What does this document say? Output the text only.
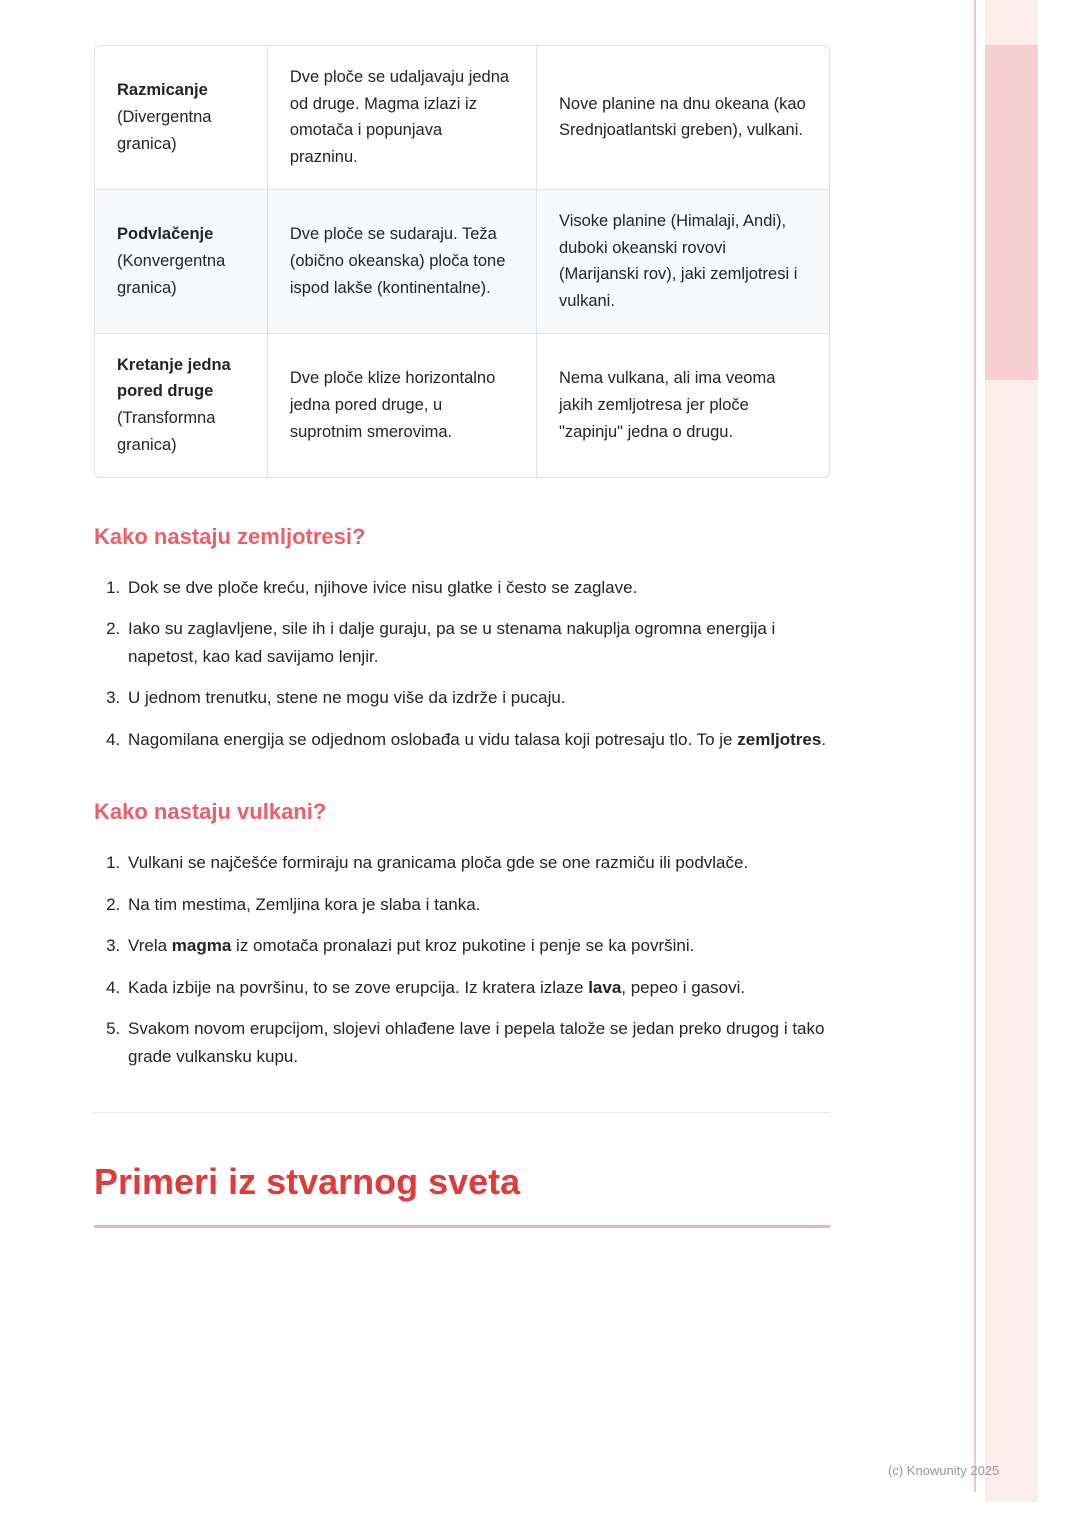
Razmicanje
(Divergentna granica)	Dve ploče se udaljavaju jedna od druge. Magma izlazi iz omotača i popunjava prazninu.	Nove planine na dnu okeana (kao Srednjoatlantski greben), vulkani.

Podvlačenje
(Konvergentna granica)	Dve ploče se sudaraju. Teža (obično okeanska) ploča tone ispod lakše (kontinentalne).	Visoke planine (Himalaji, Andi), duboki okeanski rovovi (Marijanski rov), jaki zemljotresi i vulkani.

Kretanje jedna pored druge
(Transformna granica)	Dve ploče klize horizontalno jedna pored druge, u suprotnim smerovima.	Nema vulkana, ali ima veoma jakih zemljotresa jer ploče "zapinju" jedna o drugu.
Kako nastaju zemljotresi?
1. Dok se dve ploče kreću, njihove ivice nisu glatke i često se zaglave.
2. Iako su zaglavljene, sile ih i dalje guraju, pa se u stenama nakuplja ogromna energija i napetost, kao kad savijamo lenjir.
3. U jednom trenutku, stene ne mogu više da izdrže i pucaju.
4. Nagomilana energija se odjednom oslobađa u vidu talasa koji potresaju tlo. To je zemljotres.
Kako nastaju vulkani?
1. Vulkani se najčešće formiraju na granicama ploča gde se one razmiču ili podvlače.
2. Na tim mestima, Zemljina kora je slaba i tanka.
3. Vrela magma iz omotača pronalazi put kroz pukotine i penje se ka površini.
4. Kada izbije na površinu, to se zove erupcija. Iz kratera izlaze lava, pepeo i gasovi.
5. Svakom novom erupcijom, slojevi ohlađene lave i pepela talože se jedan preko drugog i tako grade vulkansku kupu.
Primeri iz stvarnog sveta
(c) Knowunity 2025
